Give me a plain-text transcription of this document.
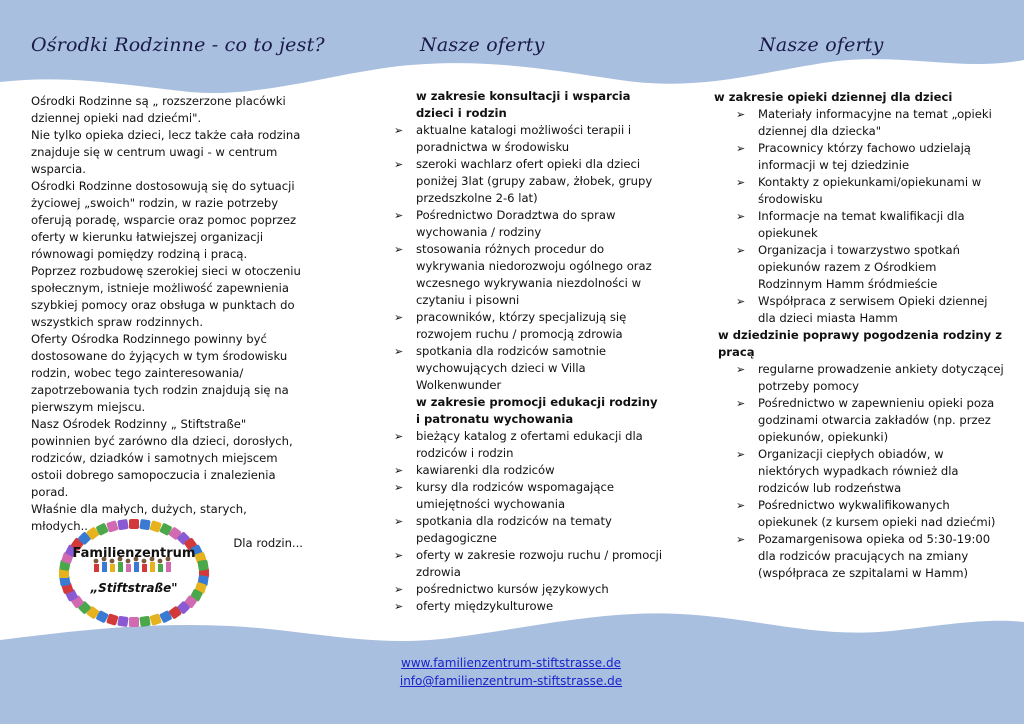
Ośrodki Rodzinne - co to jest?	Nasze oferty	Nasze oferty

Ośrodki Rodzinne są „ rozszerzone placówki dziennej opieki nad dziećmi".

Nie tylko opieka dzieci, lecz także cała rodzina znajduje się w centrum uwagi - w centrum wsparcia.

Ośrodki Rodzinne dostosowują się do sytuacji życiowej „swoich" rodzin, w razie potrzeby oferują poradę, wsparcie oraz pomoc poprzez oferty w kierunku łatwiejszej organizacji równowagi pomiędzy rodziną i pracą.

Poprzez rozbudowę szerokiej sieci w otoczeniu społecznym, istnieje możliwość zapewnienia szybkiej pomocy oraz obsługa w punktach do wszystkich spraw rodzinnych.

Oferty Ośrodka Rodzinnego powinny być dostosowane do żyjących w tym środowisku rodzin, wobec tego zainteresowania/ zapotrzebowania tych rodzin znajdują się na pierwszym miejscu.

Nasz Ośrodek Rodzinny „ Stiftstraße" powinnien być zarówno dla dzieci, dorosłych, rodziców, dziadków i samotnych miejscem ostoii dobrego samopoczucia i znalezienia porad.

Właśnie dla małych, dużych, starych, młodych..

Dla rodzin...

Familienzentrum
„Stiftstraße"
w zakresie konsultacji i wsparcia dzieci i rodzin
➢ aktualne katalogi możliwości terapii i poradnictwa w środowisku
➢ szeroki wachlarz ofert opieki dla dzieci poniżej 3lat (grupy zabaw, żłobek, grupy przedszkolne 2-6 lat)
➢ Pośrednictwo Doradztwa do spraw wychowania / rodziny
➢ stosowania różnych procedur do wykrywania niedorozwoju ogólnego oraz wczesnego wykrywania niezdolności w czytaniu i pisowni
➢ pracowników, którzy specjalizują się rozwojem ruchu / promocją zdrowia
➢ spotkania dla rodziców samotnie wychowujących dzieci w Villa Wolkenwunder
w zakresie promocji edukacji rodziny i patronatu wychowania
➢ bieżący katalog z ofertami edukacji dla rodziców i rodzin
➢ kawiarenki dla rodziców
➢ kursy dla rodziców wspomagające umiejętności wychowania
➢ spotkania dla rodziców na tematy pedagogiczne
➢ oferty w zakresie rozwoju ruchu / promocji zdrowia
➢ pośrednictwo kursów językowych
➢ oferty międzykulturowe
w zakresie opieki dziennej dla dzieci
➢ Materiały informacyjne na temat „opieki dziennej dla dziecka"
➢ Pracownicy którzy fachowo udzielają informacji w tej dziedzinie
➢ Kontakty z opiekunkami/opiekunami w środowisku
➢ Informacje na temat kwalifikacji dla opiekunek
➢ Organizacja i towarzystwo spotkań opiekunów razem z Ośrodkiem Rodzinnym Hamm śródmieście
➢ Współpraca z serwisem Opieki dziennej dla dzieci miasta Hamm
w dziedzinie poprawy pogodzenia rodziny z pracą
➢ regularne prowadzenie ankiety dotyczącej potrzeby pomocy
➢ Pośrednictwo w zapewnieniu opieki poza godzinami otwarcia zakładów (np. przez opiekunów, opiekunki)
➢ Organizacji ciepłych obiadów, w niektórych wypadkach również dla rodziców lub rodzeństwa
➢ Pośrednictwo wykwalifikowanych opiekunek (z kursem opieki nad dziećmi)
➢ Pozamargenisowa opieka od 5:30-19:00 dla rodziców pracujących na zmiany (współpraca ze szpitalami w Hamm)
www.familienzentrum-stiftstrasse.de
info@familienzentrum-stiftstrasse.de
